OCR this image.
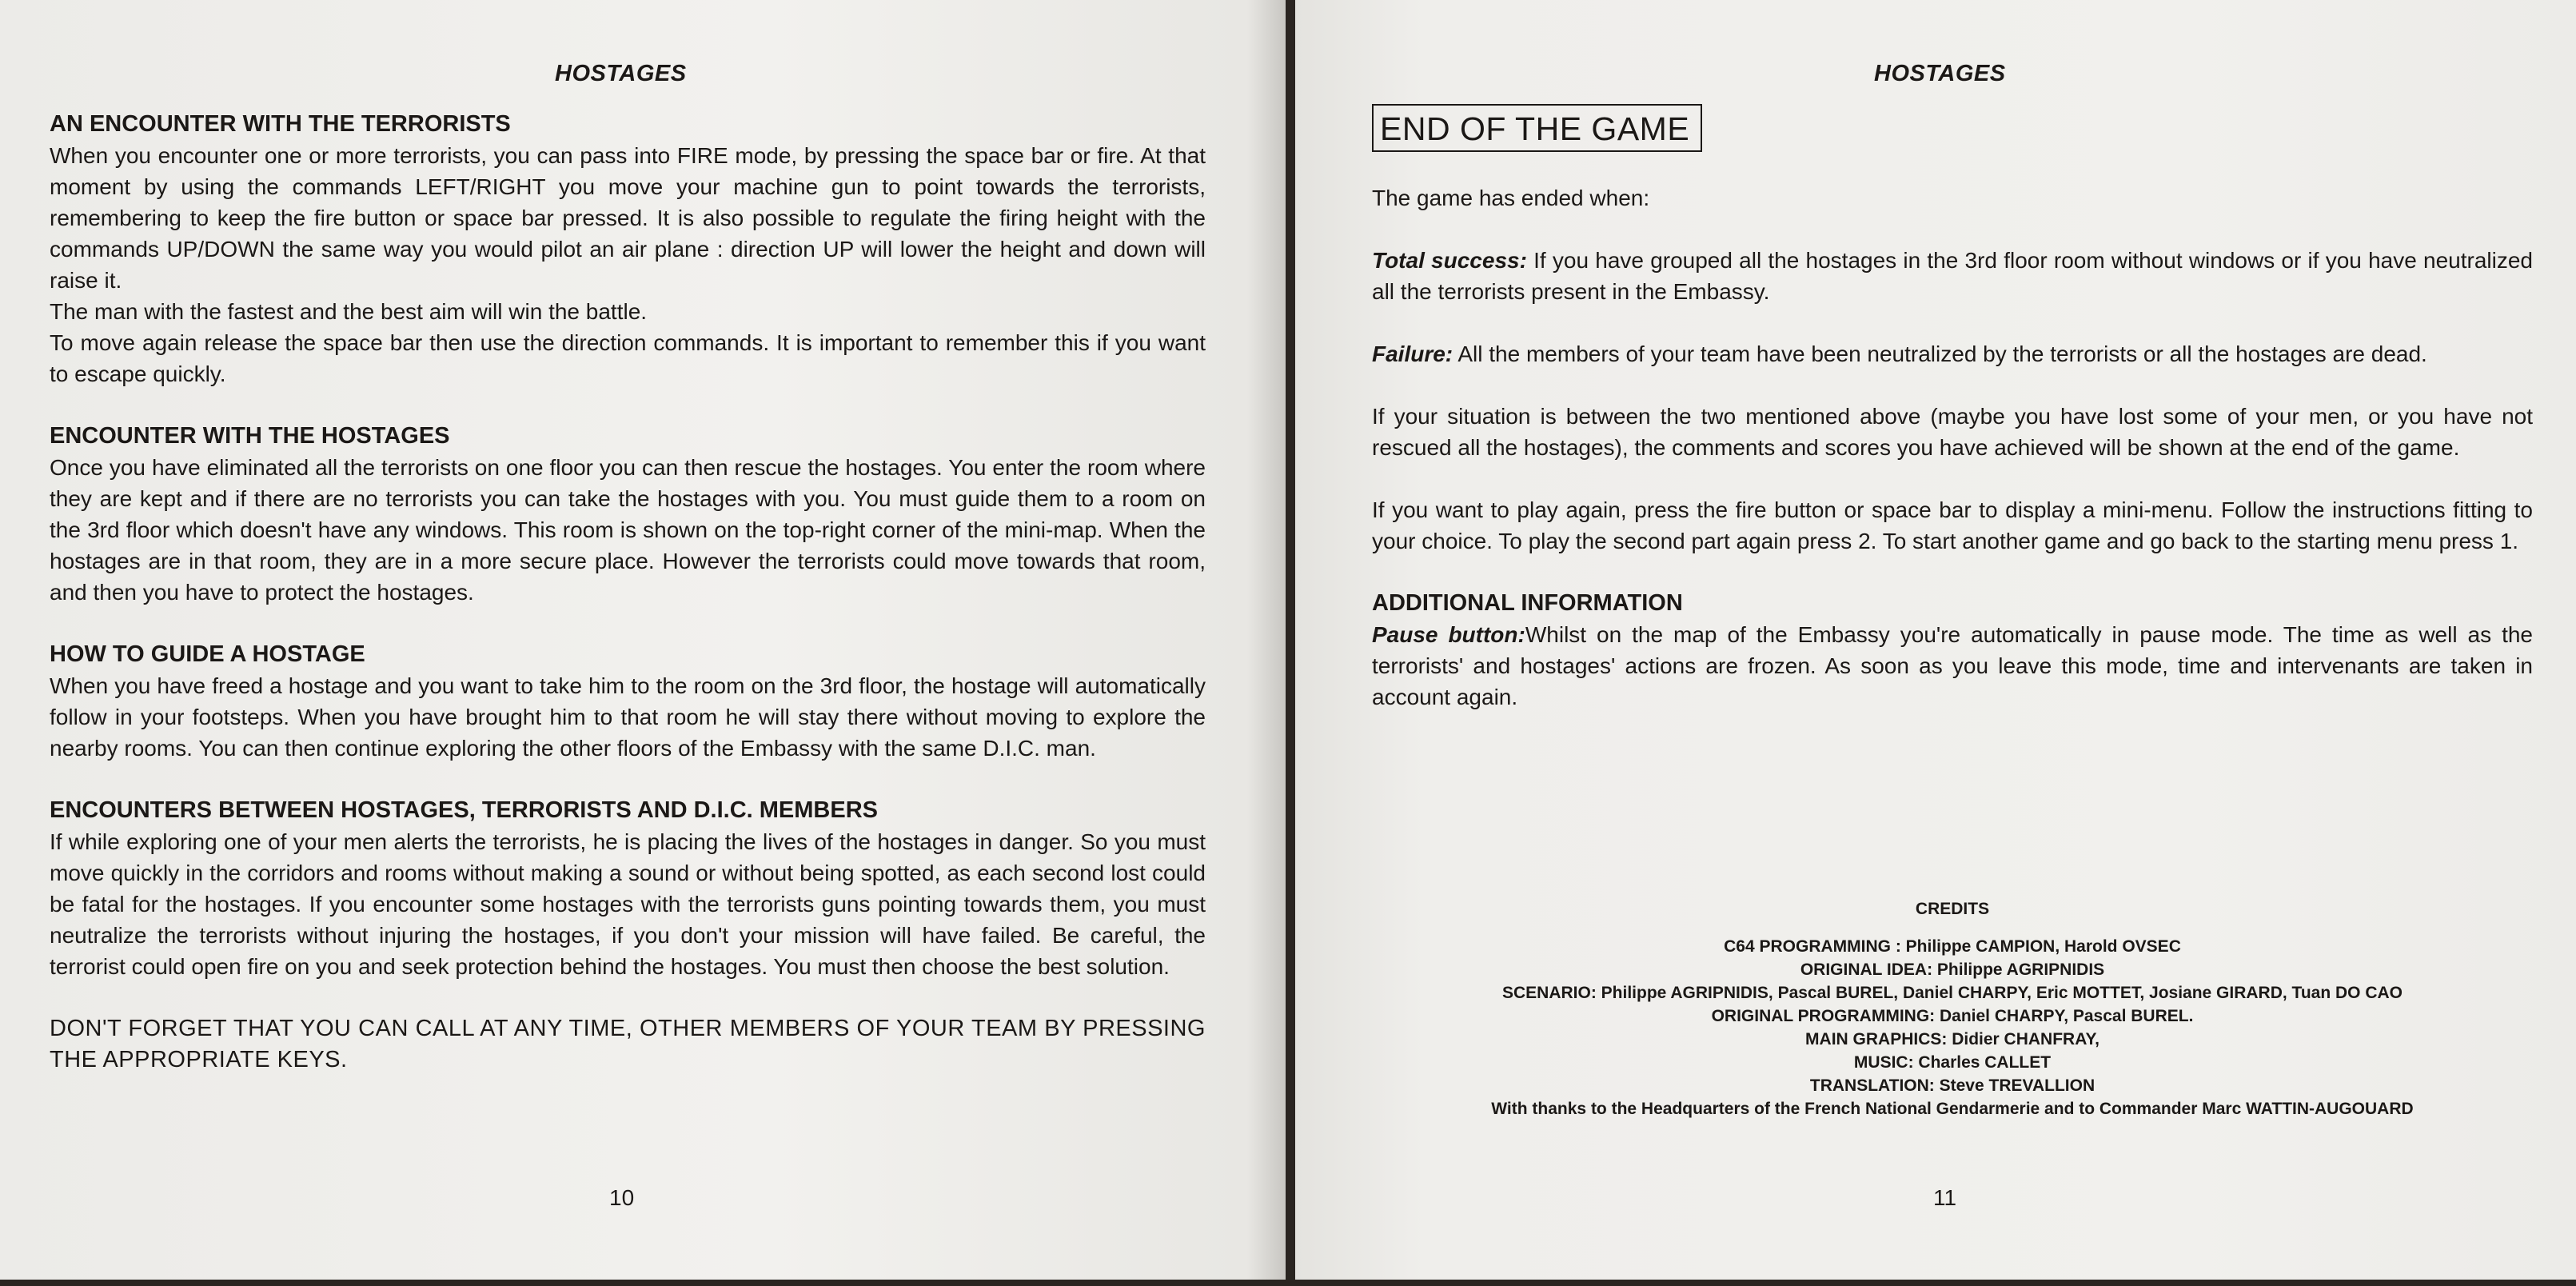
HOSTAGES

AN ENCOUNTER WITH THE TERRORISTS

When you encounter one or more terrorists, you can pass into FIRE mode, by pressing the space bar or fire. At that moment by using the commands LEFT/RIGHT you move your machine gun to point towards the terrorists, remembering to keep the fire button or space bar pressed. It is also possible to regulate the firing height with the commands UP/DOWN the same way you would pilot an air plane : direction UP will lower the height and down will raise it.

The man with the fastest and the best aim will win the battle.

To move again release the space bar then use the direction commands. It is important to remember this if you want to escape quickly.

ENCOUNTER WITH THE HOSTAGES

Once you have eliminated all the terrorists on one floor you can then rescue the hostages. You enter the room where they are kept and if there are no terrorists you can take the hostages with you. You must guide them to a room on the 3rd floor which doesn't have any windows. This room is shown on the top-right corner of the mini-map. When the hostages are in that room, they are in a more secure place. However the terrorists could move towards that room, and then you have to protect the hostages.

HOW TO GUIDE A HOSTAGE

When you have freed a hostage and you want to take him to the room on the 3rd floor, the hostage will automatically follow in your footsteps. When you have brought him to that room he will stay there without moving to explore the nearby rooms. You can then continue exploring the other floors of the Embassy with the same D.I.C. man.

ENCOUNTERS BETWEEN HOSTAGES, TERRORISTS AND D.I.C. MEMBERS

If while exploring one of your men alerts the terrorists, he is placing the lives of the hostages in danger. So you must move quickly in the corridors and rooms without making a sound or without being spotted, as each second lost could be fatal for the hostages. If you encounter some hostages with the terrorists guns pointing towards them, you must neutralize the terrorists without injuring the hostages, if you don't your mission will have failed. Be careful, the terrorist could open fire on you and seek protection behind the hostages. You must then choose the best solution.

DON'T FORGET THAT YOU CAN CALL AT ANY TIME, OTHER MEMBERS OF YOUR TEAM BY PRESSING THE APPROPRIATE KEYS.

10
HOSTAGES
END OF THE GAME

The game has ended when:

Total success: If you have grouped all the hostages in the 3rd floor room without windows or if you have neutralized all the terrorists present in the Embassy.

Failure: All the members of your team have been neutralized by the terrorists or all the hostages are dead.

If your situation is between the two mentioned above (maybe you have lost some of your men, or you have not rescued all the hostages), the comments and scores you have achieved will be shown at the end of the game.

If you want to play again, press the fire button or space bar to display a mini-menu. Follow the instructions fitting to your choice. To play the second part again press 2. To start another game and go back to the starting menu press 1.

ADDITIONAL INFORMATION

Pause button:Whilst on the map of the Embassy you're automatically in pause mode. The time as well as the terrorists' and hostages' actions are frozen. As soon as you leave this mode, time and intervenants are taken in account again.

CREDITS
C64 PROGRAMMING : Philippe CAMPION, Harold OVSEC
ORIGINAL IDEA: Philippe AGRIPNIDIS
SCENARIO: Philippe AGRIPNIDIS, Pascal BUREL, Daniel CHARPY, Eric MOTTET, Josiane GIRARD, Tuan DO CAO
ORIGINAL PROGRAMMING: Daniel CHARPY, Pascal BUREL.
MAIN GRAPHICS: Didier CHANFRAY,
MUSIC: Charles CALLET
TRANSLATION: Steve TREVALLION
With thanks to the Headquarters of the French National Gendarmerie and to Commander Marc WATTIN-AUGOUARD
11
